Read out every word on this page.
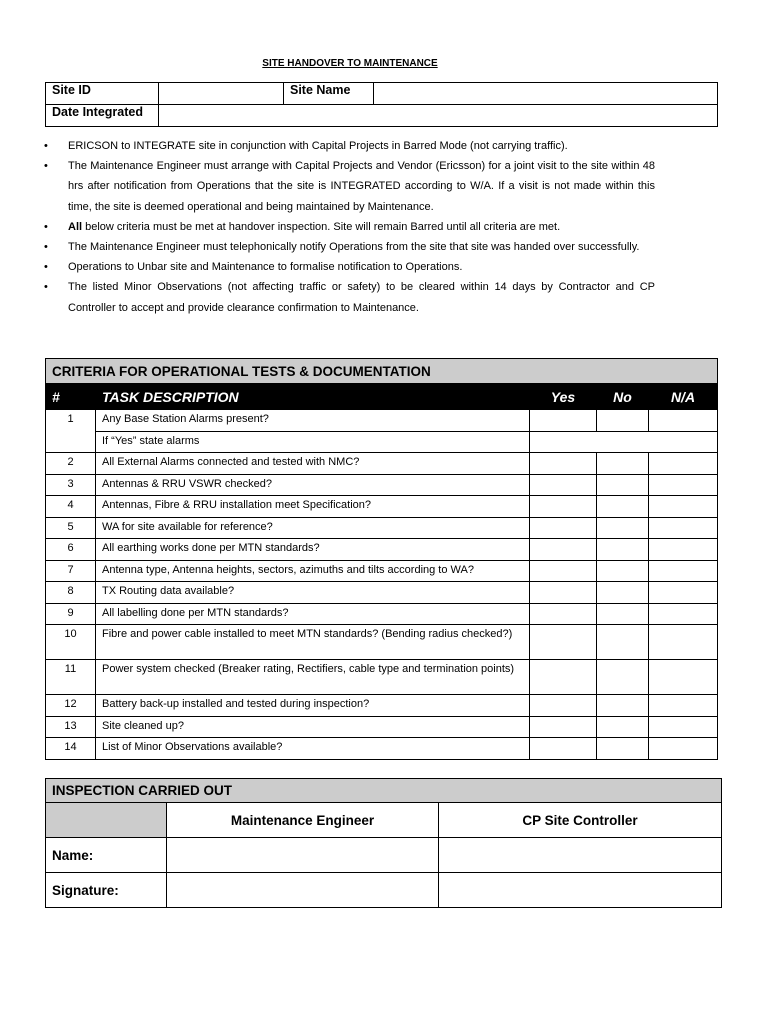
SITE HANDOVER TO MAINTENANCE
Site ID		Site Name	
Date Integrated			
• ERICSON to INTEGRATE site in conjunction with Capital Projects in Barred Mode (not carrying traffic).
• The Maintenance Engineer must arrange with Capital Projects and Vendor (Ericsson) for a joint visit to the site within 48 hrs after notification from Operations that the site is INTEGRATED according to W/A. If a visit is not made within this time, the site is deemed operational and being maintained by Maintenance.
• All below criteria must be met at handover inspection. Site will remain Barred until all criteria are met.
• The Maintenance Engineer must telephonically notify Operations from the site that site was handed over successfully.
• Operations to Unbar site and Maintenance to formalise notification to Operations.
• The listed Minor Observations (not affecting traffic or safety) to be cleared within 14 days by Contractor and CP Controller to accept and provide clearance confirmation to Maintenance.
CRITERIA FOR OPERATIONAL TESTS & DOCUMENTATION				
#	TASK DESCRIPTION	Yes	No	N/A
1	Any Base Station Alarms present?			
	If “Yes” state alarms			
2	All External Alarms connected and tested with NMC?			
3	Antennas & RRU VSWR checked?			
4	Antennas, Fibre & RRU installation meet Specification?			
5	WA for site available for reference?			
6	All earthing works done per MTN standards?			
7	Antenna type, Antenna heights, sectors, azimuths and tilts according to WA?			
8	TX Routing data available?			
9	All labelling done per MTN standards?			
10	Fibre and power cable installed to meet MTN standards? (Bending radius checked?)			
11	Power system checked (Breaker rating, Rectifiers, cable type and termination points)			
12	Battery back-up installed and tested during inspection?			
13	Site cleaned up?			
14	List of Minor Observations available?			
INSPECTION CARRIED OUT		
	Maintenance Engineer	CP Site Controller
Name:		
Signature:		
